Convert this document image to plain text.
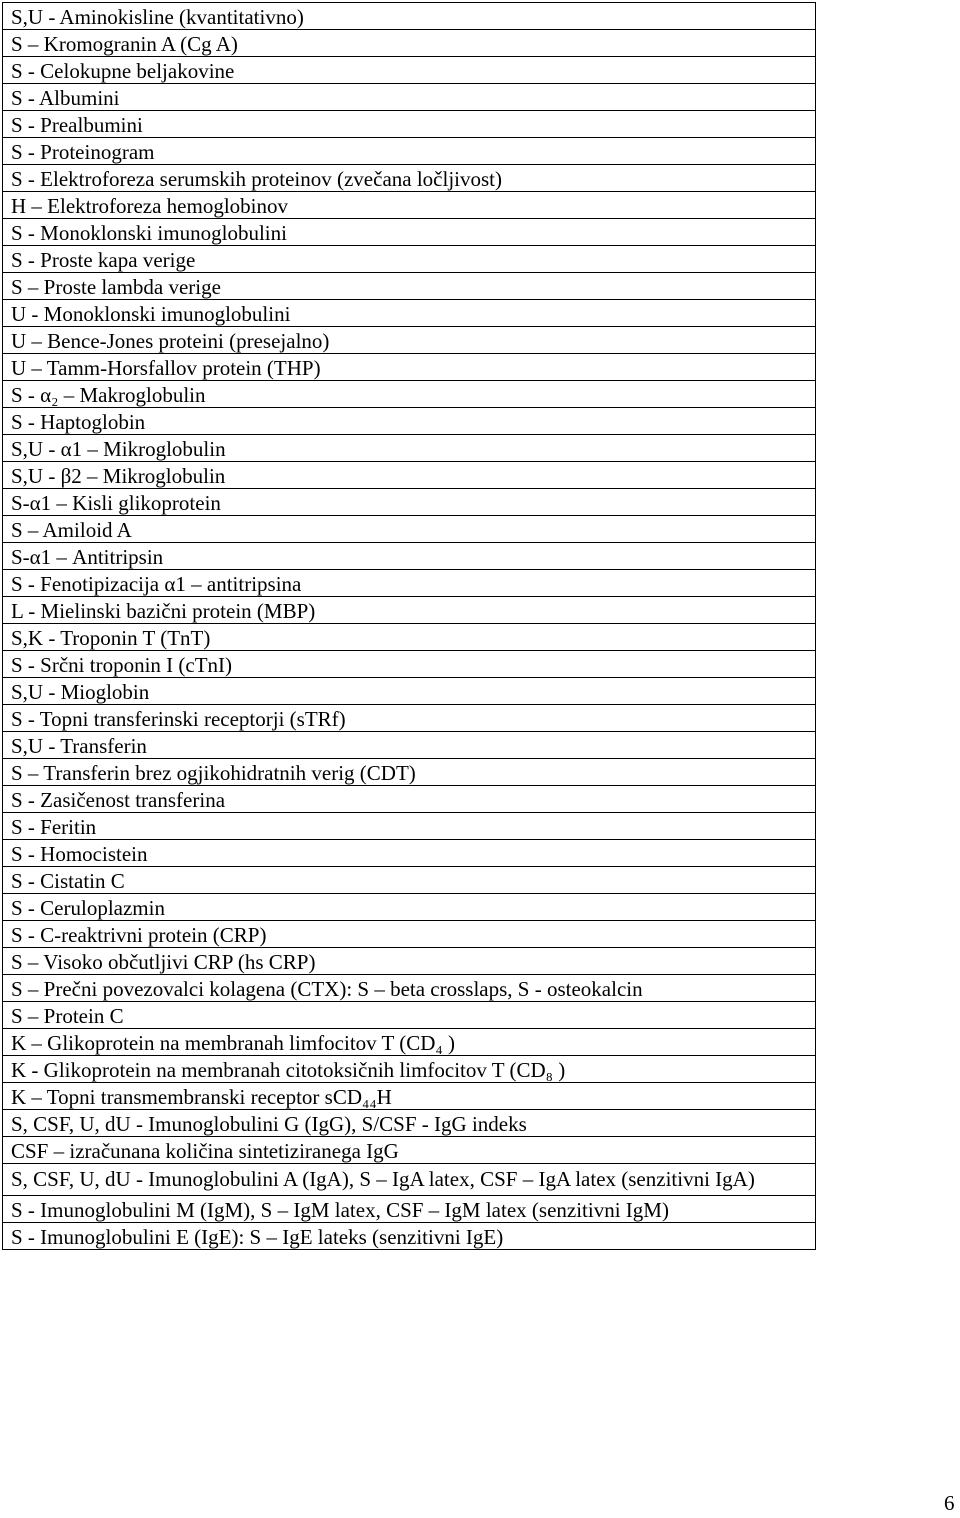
S,U - Aminokisline (kvantitativno)
S – Kromogranin A (Cg A)
S - Celokupne beljakovine
S - Albumini
S - Prealbumini
S - Proteinogram
S - Elektroforeza serumskih proteinov (zvečana ločljivost)
H – Elektroforeza hemoglobinov
S - Monoklonski imunoglobulini
S - Proste kapa verige
S – Proste lambda verige
U - Monoklonski imunoglobulini
U – Bence-Jones proteini (presejalno)
U – Tamm-Horsfallov protein (THP)
S - α₂ – Makroglobulin
S - Haptoglobin
S,U - α1 – Mikroglobulin
S,U - β2 – Mikroglobulin
S-α1 – Kisli glikoprotein
S – Amiloid A
S-α1 – Antitripsin
S - Fenotipizacija α1 – antitripsina
L - Mielinski bazični protein (MBP)
S,K - Troponin T (TnT)
S - Srčni troponin I (cTnI)
S,U - Mioglobin
S - Topni transferinski receptorji (sTRf)
S,U - Transferin
S – Transferin brez ogjikohidratnih verig (CDT)
S - Zasičenost transferina
S - Feritin
S - Homocistein
S - Cistatin C
S - Ceruloplazmin
S - C-reaktrivni protein (CRP)
S – Visoko občutljivi CRP (hs CRP)
S – Prečni povezovalci kolagena (CTX): S – beta crosslaps, S - osteokalcin
S – Protein C
K – Glikoprotein na membranah limfocitov T (CD₄ )
K - Glikoprotein na membranah citotoksičnih limfocitov T (CD₈ )
K – Topni transmembranski receptor sCD₄₄H
S, CSF, U, dU - Imunoglobulini G (IgG), S/CSF - IgG indeks
CSF – izračunana količina sintetiziranega IgG
S, CSF, U, dU - Imunoglobulini A (IgA), S – IgA latex, CSF – IgA latex (senzitivni IgA)
S - Imunoglobulini M (IgM), S – IgM latex, CSF – IgM latex (senzitivni IgM)
S - Imunoglobulini E (IgE): S – IgE lateks (senzitivni IgE)
6
